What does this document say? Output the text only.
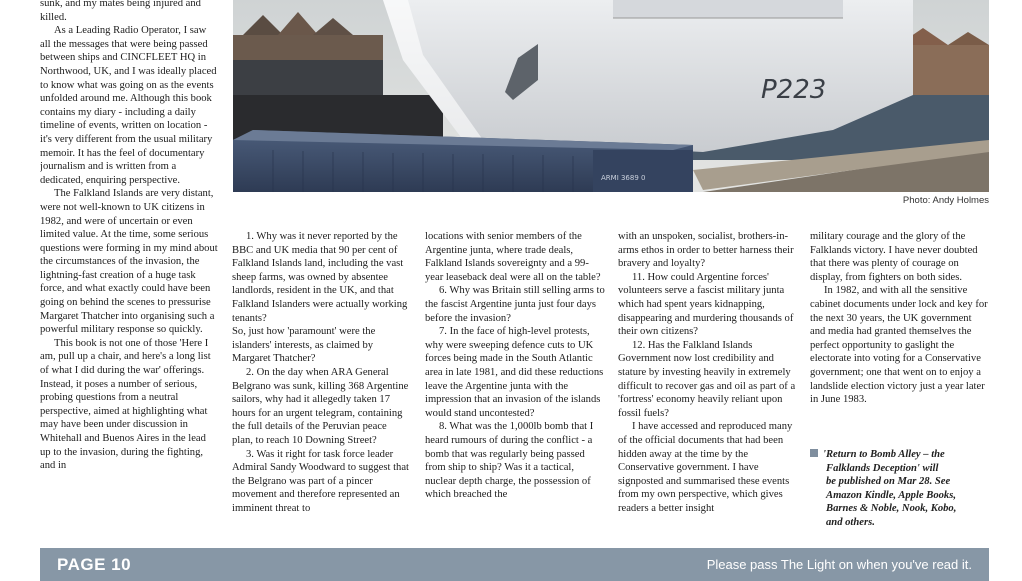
sunk, and my mates being injured and killed.

As a Leading Radio Operator, I saw all the messages that were being passed between ships and CINCFLEET HQ in Northwood, UK, and I was ideally placed to know what was going on as the events unfolded around me. Although this book contains my diary - including a daily timeline of events, written on location - it's very different from the usual military memoir. It has the feel of documentary journalism and is written from a dedicated, enquiring perspective.

The Falkland Islands are very distant, were not well-known to UK citizens in 1982, and were of uncertain or even limited value. At the time, some serious questions were forming in my mind about the circumstances of the invasion, the lightning-fast creation of a huge task force, and what exactly could have been going on behind the scenes to pressurise Margaret Thatcher into organising such a powerful military response so quickly.

This book is not one of those 'Here I am, pull up a chair, and here's a long list of what I did during the war' offerings. Instead, it poses a number of serious, probing questions from a neutral perspective, aimed at highlighting what may have been under discussion in Whitehall and Buenos Aires in the lead up to the invasion, during the fighting, and in

P223
ARMI 3689 0
Photo: Andy Holmes

1. Why was it never reported by the BBC and UK media that 90 per cent of Falkland Islands land, including the vast sheep farms, was owned by absentee landlords, resident in the UK, and that Falkland Islanders were actually working tenants?

So, just how 'paramount' were the islanders' interests, as claimed by Margaret Thatcher?

2. On the day when ARA General Belgrano was sunk, killing 368 Argentine sailors, why had it allegedly taken 17 hours for an urgent telegram, containing the full details of the Peruvian peace plan, to reach 10 Downing Street?

3. Was it right for task force leader Admiral Sandy Woodward to suggest that the Belgrano was part of a pincer movement and therefore represented an imminent threat to

locations with senior members of the Argentine junta, where trade deals, Falkland Islands sovereignty and a 99-year leaseback deal were all on the table?

6. Why was Britain still selling arms to the fascist Argentine junta just four days before the invasion?

7. In the face of high-level protests, why were sweeping defence cuts to UK forces being made in the South Atlantic area in late 1981, and did these reductions leave the Argentine junta with the impression that an invasion of the islands would stand uncontested?

8. What was the 1,000lb bomb that I heard rumours of during the conflict - a bomb that was regularly being passed from ship to ship? Was it a tactical, nuclear depth charge, the possession of which breached the

with an unspoken, socialist, brothers-in-arms ethos in order to better harness their bravery and loyalty?

11. How could Argentine forces' volunteers serve a fascist military junta which had spent years kidnapping, disappearing and murdering thousands of their own citizens?

12. Has the Falkland Islands Government now lost credibility and stature by investing heavily in extremely difficult to recover gas and oil as part of a 'fortress' economy heavily reliant upon fossil fuels?

I have accessed and reproduced many of the official documents that had been hidden away at the time by the Conservative government. I have signposted and summarised these events from my own perspective, which gives readers a better insight

military courage and the glory of the Falklands victory. I have never doubted that there was plenty of courage on display, from fighters on both sides.

In 1982, and with all the sensitive cabinet documents under lock and key for the next 30 years, the UK government and media had granted themselves the perfect opportunity to gaslight the electorate into voting for a Conservative government; one that went on to enjoy a landslide election victory just a year later in June 1983.

'Return to Bomb Alley – the
Falklands Deception' will
be published on Mar 28. See
Amazon Kindle, Apple Books,
Barnes & Noble, Nook, Kobo,
and others.
PAGE 10	Please pass The Light on when you've read it.
